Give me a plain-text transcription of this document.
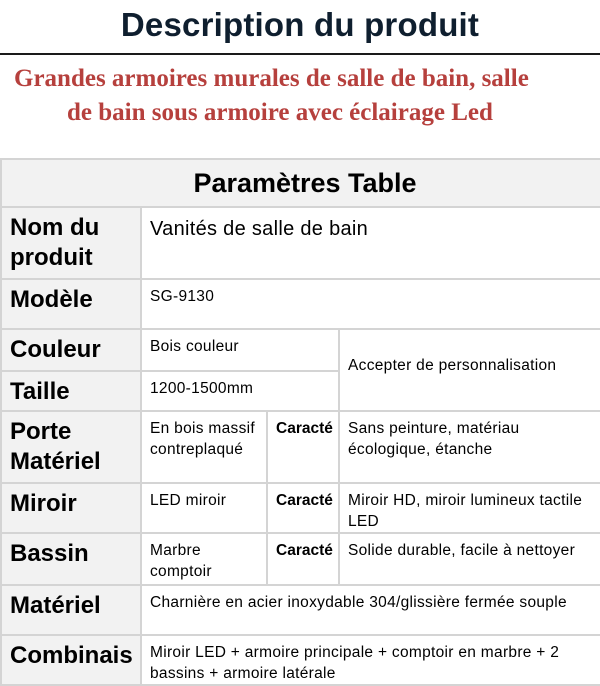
Description du produit
Grandes armoires murales de salle de bain, salle
de bain sous armoire avec éclairage Led
Paramètres Table			
Nom du produit	Vanités de salle de bain		
Modèle	SG-9130		
Couleur	Bois couleur		Accepter de personnalisation
Taille	1200-1500mm		
Porte Matériel	En bois massif contreplaqué	Caracté	Sans peinture, matériau écologique, étanche
Miroir	LED miroir	Caracté	Miroir HD, miroir lumineux tactile LED
Bassin	Marbre comptoir	Caracté	Solide durable, facile à nettoyer
Matériel	Charnière en acier inoxydable 304/glissière fermée souple		
Combinais	Miroir LED + armoire principale + comptoir en marbre + 2 bassins + armoire latérale		
